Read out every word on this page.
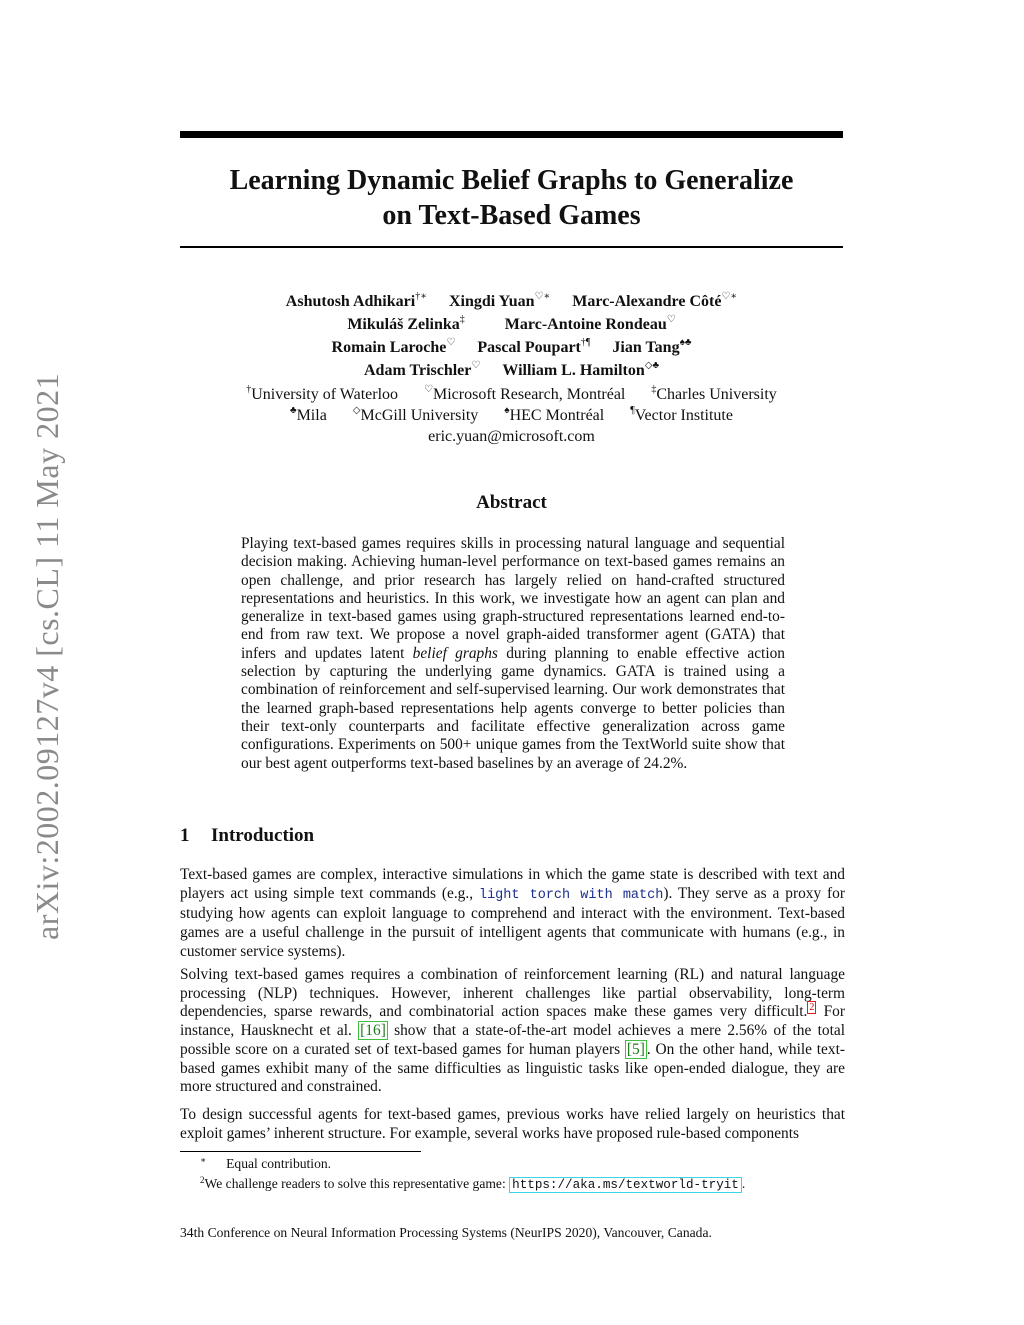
arXiv:2002.09127v4 [cs.CL] 11 May 2021
Learning Dynamic Belief Graphs to Generalize
on Text-Based Games
Ashutosh Adhikari†∗ Xingdi Yuan♡∗ Marc-Alexandre Côté♡∗
Mikuláš Zelinka‡	Marc-Antoine Rondeau♡
Romain Laroche♡ Pascal Poupart†¶ Jian Tang♠♣
Adam Trischler♡ William L. Hamilton◇♣
†University of Waterloo	♡Microsoft Research, Montréal	‡Charles University
♣Mila	◇McGill University	♠HEC Montréal	¶Vector Institute
eric.yuan@microsoft.com
Abstract
Playing text-based games requires skills in processing natural language and sequential decision making. Achieving human-level performance on text-based games remains an open challenge, and prior research has largely relied on hand-crafted structured representations and heuristics. In this work, we investigate how an agent can plan and generalize in text-based games using graph-structured representations learned end-to-end from raw text. We propose a novel graph-aided transformer agent (GATA) that infers and updates latent belief graphs during planning to enable effective action selection by capturing the underlying game dynamics. GATA is trained using a combination of reinforcement and self-supervised learning. Our work demonstrates that the learned graph-based representations help agents converge to better policies than their text-only counterparts and facilitate effective generalization across game configurations. Experiments on 500+ unique games from the TextWorld suite show that our best agent outperforms text-based baselines by an average of 24.2%.
1 Introduction
Text-based games are complex, interactive simulations in which the game state is described with text and players act using simple text commands (e.g., light torch with match). They serve as a proxy for studying how agents can exploit language to comprehend and interact with the environment. Text-based games are a useful challenge in the pursuit of intelligent agents that communicate with humans (e.g., in customer service systems).
Solving text-based games requires a combination of reinforcement learning (RL) and natural language processing (NLP) techniques. However, inherent challenges like partial observability, long-term dependencies, sparse rewards, and combinatorial action spaces make these games very difficult. $^2$ For instance, Hausknecht et al. [16] show that a state-of-the-art model achieves a mere 2.56% of the total possible score on a curated set of text-based games for human players [5] . On the other hand, while text-based games exhibit many of the same difficulties as linguistic tasks like open-ended dialogue, they are more structured and constrained.
To design successful agents for text-based games, previous works have relied largely on heuristics that exploit games’ inherent structure. For example, several works have proposed rule-based components
∗ Equal contribution.
$^2$We challenge readers to solve this representative game: https://aka.ms/textworld-tryit .
34th Conference on Neural Information Processing Systems (NeurIPS 2020), Vancouver, Canada.
